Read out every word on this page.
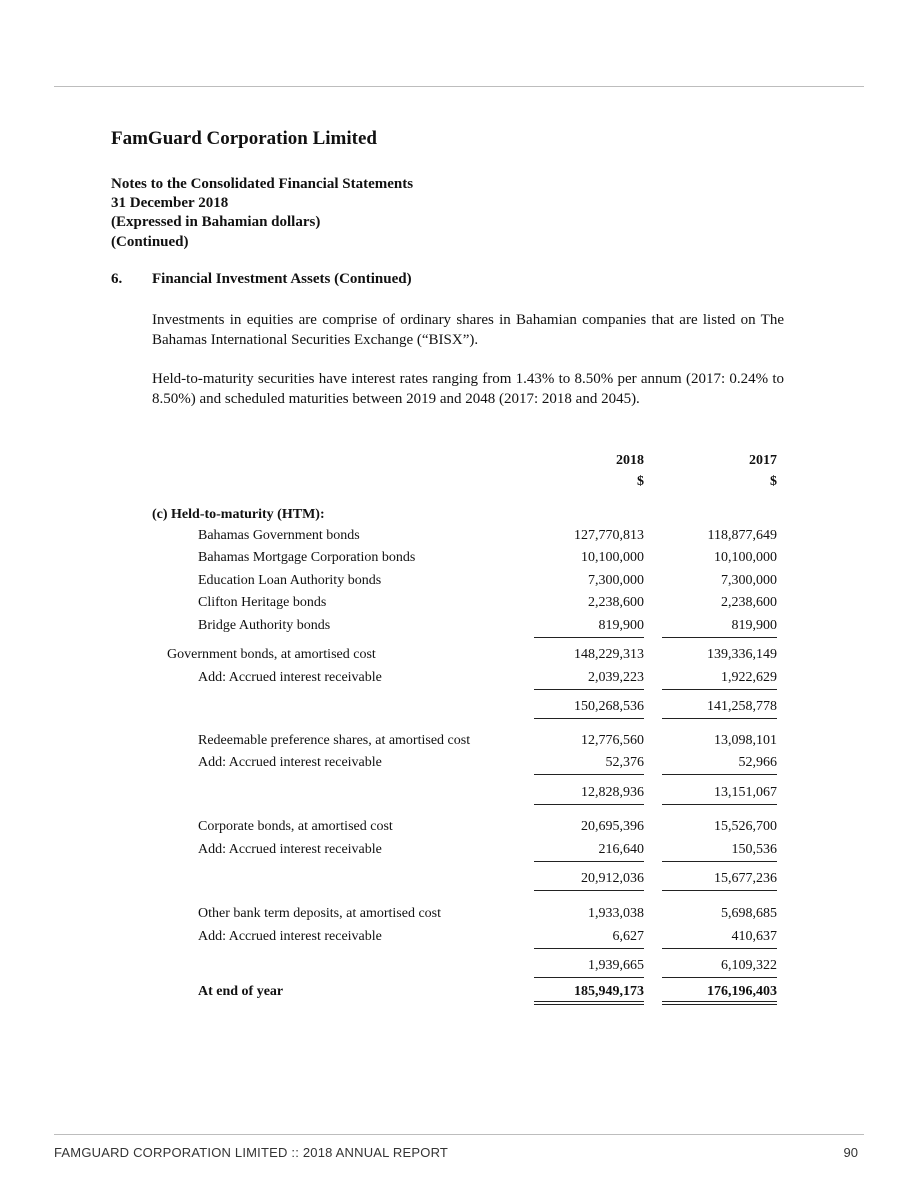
FamGuard Corporation Limited
Notes to the Consolidated Financial Statements
31 December 2018
(Expressed in Bahamian dollars)
(Continued)
6. Financial Investment Assets (Continued)
Investments in equities are comprise of ordinary shares in Bahamian companies that are listed on The Bahamas International Securities Exchange (“BISX”).
Held-to-maturity securities have interest rates ranging from 1.43% to 8.50% per annum (2017: 0.24% to 8.50%) and scheduled maturities between 2019 and 2048 (2017: 2018 and 2045).
2018	2017
$	$
(c) Held-to-maturity (HTM):
Bahamas Government bonds	127,770,813	118,877,649
Bahamas Mortgage Corporation bonds	10,100,000	10,100,000
Education Loan Authority bonds	7,300,000	7,300,000
Clifton Heritage bonds	2,238,600	2,238,600
Bridge Authority bonds	819,900	819,900
Government bonds, at amortised cost	148,229,313	139,336,149
Add: Accrued interest receivable	2,039,223	1,922,629
150,268,536	141,258,778
Redeemable preference shares, at amortised cost	12,776,560	13,098,101
Add: Accrued interest receivable	52,376	52,966
12,828,936	13,151,067
Corporate bonds, at amortised cost	20,695,396	15,526,700
Add: Accrued interest receivable	216,640	150,536
20,912,036	15,677,236
Other bank term deposits, at amortised cost	1,933,038	5,698,685
Add: Accrued interest receivable	6,627	410,637
1,939,665	6,109,322
At end of year	185,949,173	176,196,403
FAMGUARD CORPORATION LIMITED :: 2018 ANNUAL REPORT	90
